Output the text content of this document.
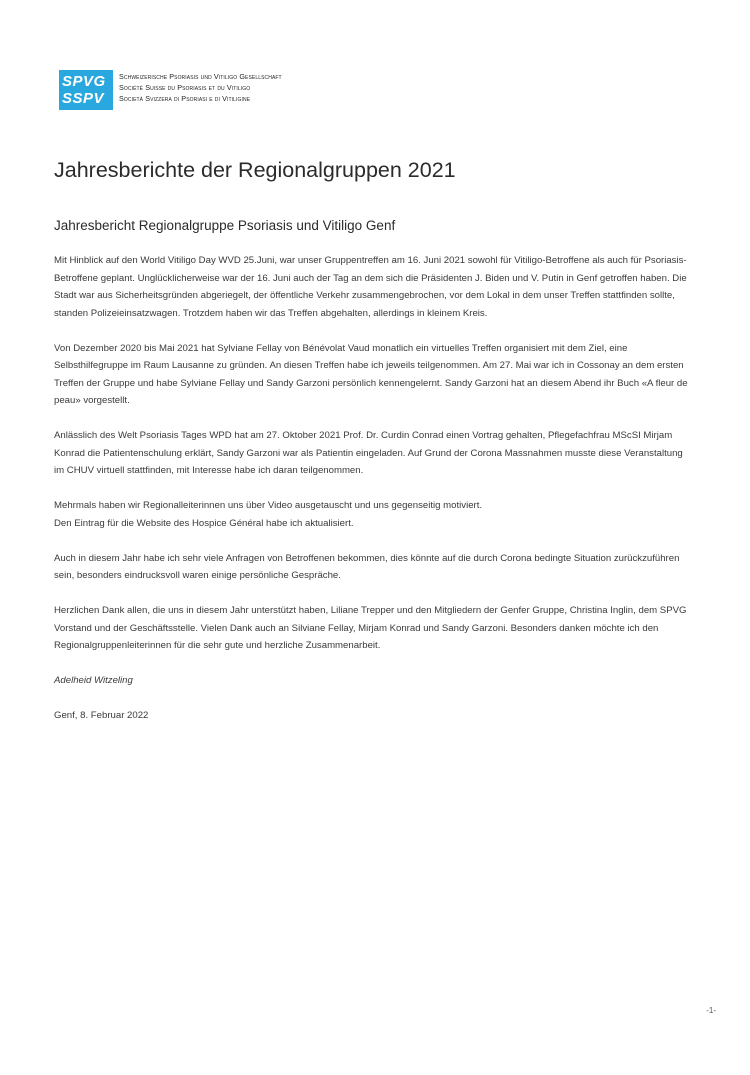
SPVG
SSPV
Schweizerische Psoriasis und Vitiligo Gesellschaft
Société Suisse du Psoriasis et du Vitiligo
Società Svizzera di Psoriasi e di Vitiligine
Jahresberichte der Regionalgruppen 2021
Jahresbericht Regionalgruppe Psoriasis und Vitiligo Genf

Mit Hinblick auf den World Vitiligo Day WVD 25.Juni, war unser Gruppentreffen am 16. Juni 2021 sowohl für Vitiligo-Betroffene als auch für Psoriasis-Betroffene geplant. Unglücklicherweise war der 16. Juni auch der Tag an dem sich die Präsidenten J. Biden und V. Putin in Genf getroffen haben. Die Stadt war aus Sicherheitsgründen abgeriegelt, der öffentliche Verkehr zusammengebrochen, vor dem Lokal in dem unser Treffen stattfinden sollte, standen Polizeieinsatzwagen. Trotzdem haben wir das Treffen abgehalten, allerdings in kleinem Kreis.

Von Dezember 2020 bis Mai 2021 hat Sylviane Fellay von Bénévolat Vaud monatlich ein virtuelles Treffen organisiert mit dem Ziel, eine Selbsthilfegruppe im Raum Lausanne zu gründen. An diesen Treffen habe ich jeweils teilgenommen. Am 27. Mai war ich in Cossonay an dem ersten Treffen der Gruppe und habe Sylviane Fellay und Sandy Garzoni persönlich kennengelernt. Sandy Garzoni hat an diesem Abend ihr Buch «A fleur de peau» vorgestellt.

Anlässlich des Welt Psoriasis Tages WPD hat am 27. Oktober 2021 Prof. Dr. Curdin Conrad einen Vortrag gehalten, Pflegefachfrau MScSI Mirjam Konrad die Patientenschulung erklärt, Sandy Garzoni war als Patientin eingeladen. Auf Grund der Corona Massnahmen musste diese Veranstaltung im CHUV virtuell stattfinden, mit Interesse habe ich daran teilgenommen.

Mehrmals haben wir Regionalleiterinnen uns über Video ausgetauscht und uns gegenseitig motiviert.
Den Eintrag für die Website des Hospice Général habe ich aktualisiert.

Auch in diesem Jahr habe ich sehr viele Anfragen von Betroffenen bekommen, dies könnte auf die durch Corona bedingte Situation zurückzuführen sein, besonders eindrucksvoll waren einige persönliche Gespräche.

Herzlichen Dank allen, die uns in diesem Jahr unterstützt haben, Liliane Trepper und den Mitgliedern der Genfer Gruppe, Christina Inglin, dem SPVG Vorstand und der Geschäftsstelle. Vielen Dank auch an Silviane Fellay, Mirjam Konrad und Sandy Garzoni. Besonders danken möchte ich den Regionalgruppenleiterinnen für die sehr gute und herzliche Zusammenarbeit.

Adelheid Witzeling

Genf, 8. Februar 2022

-1-
